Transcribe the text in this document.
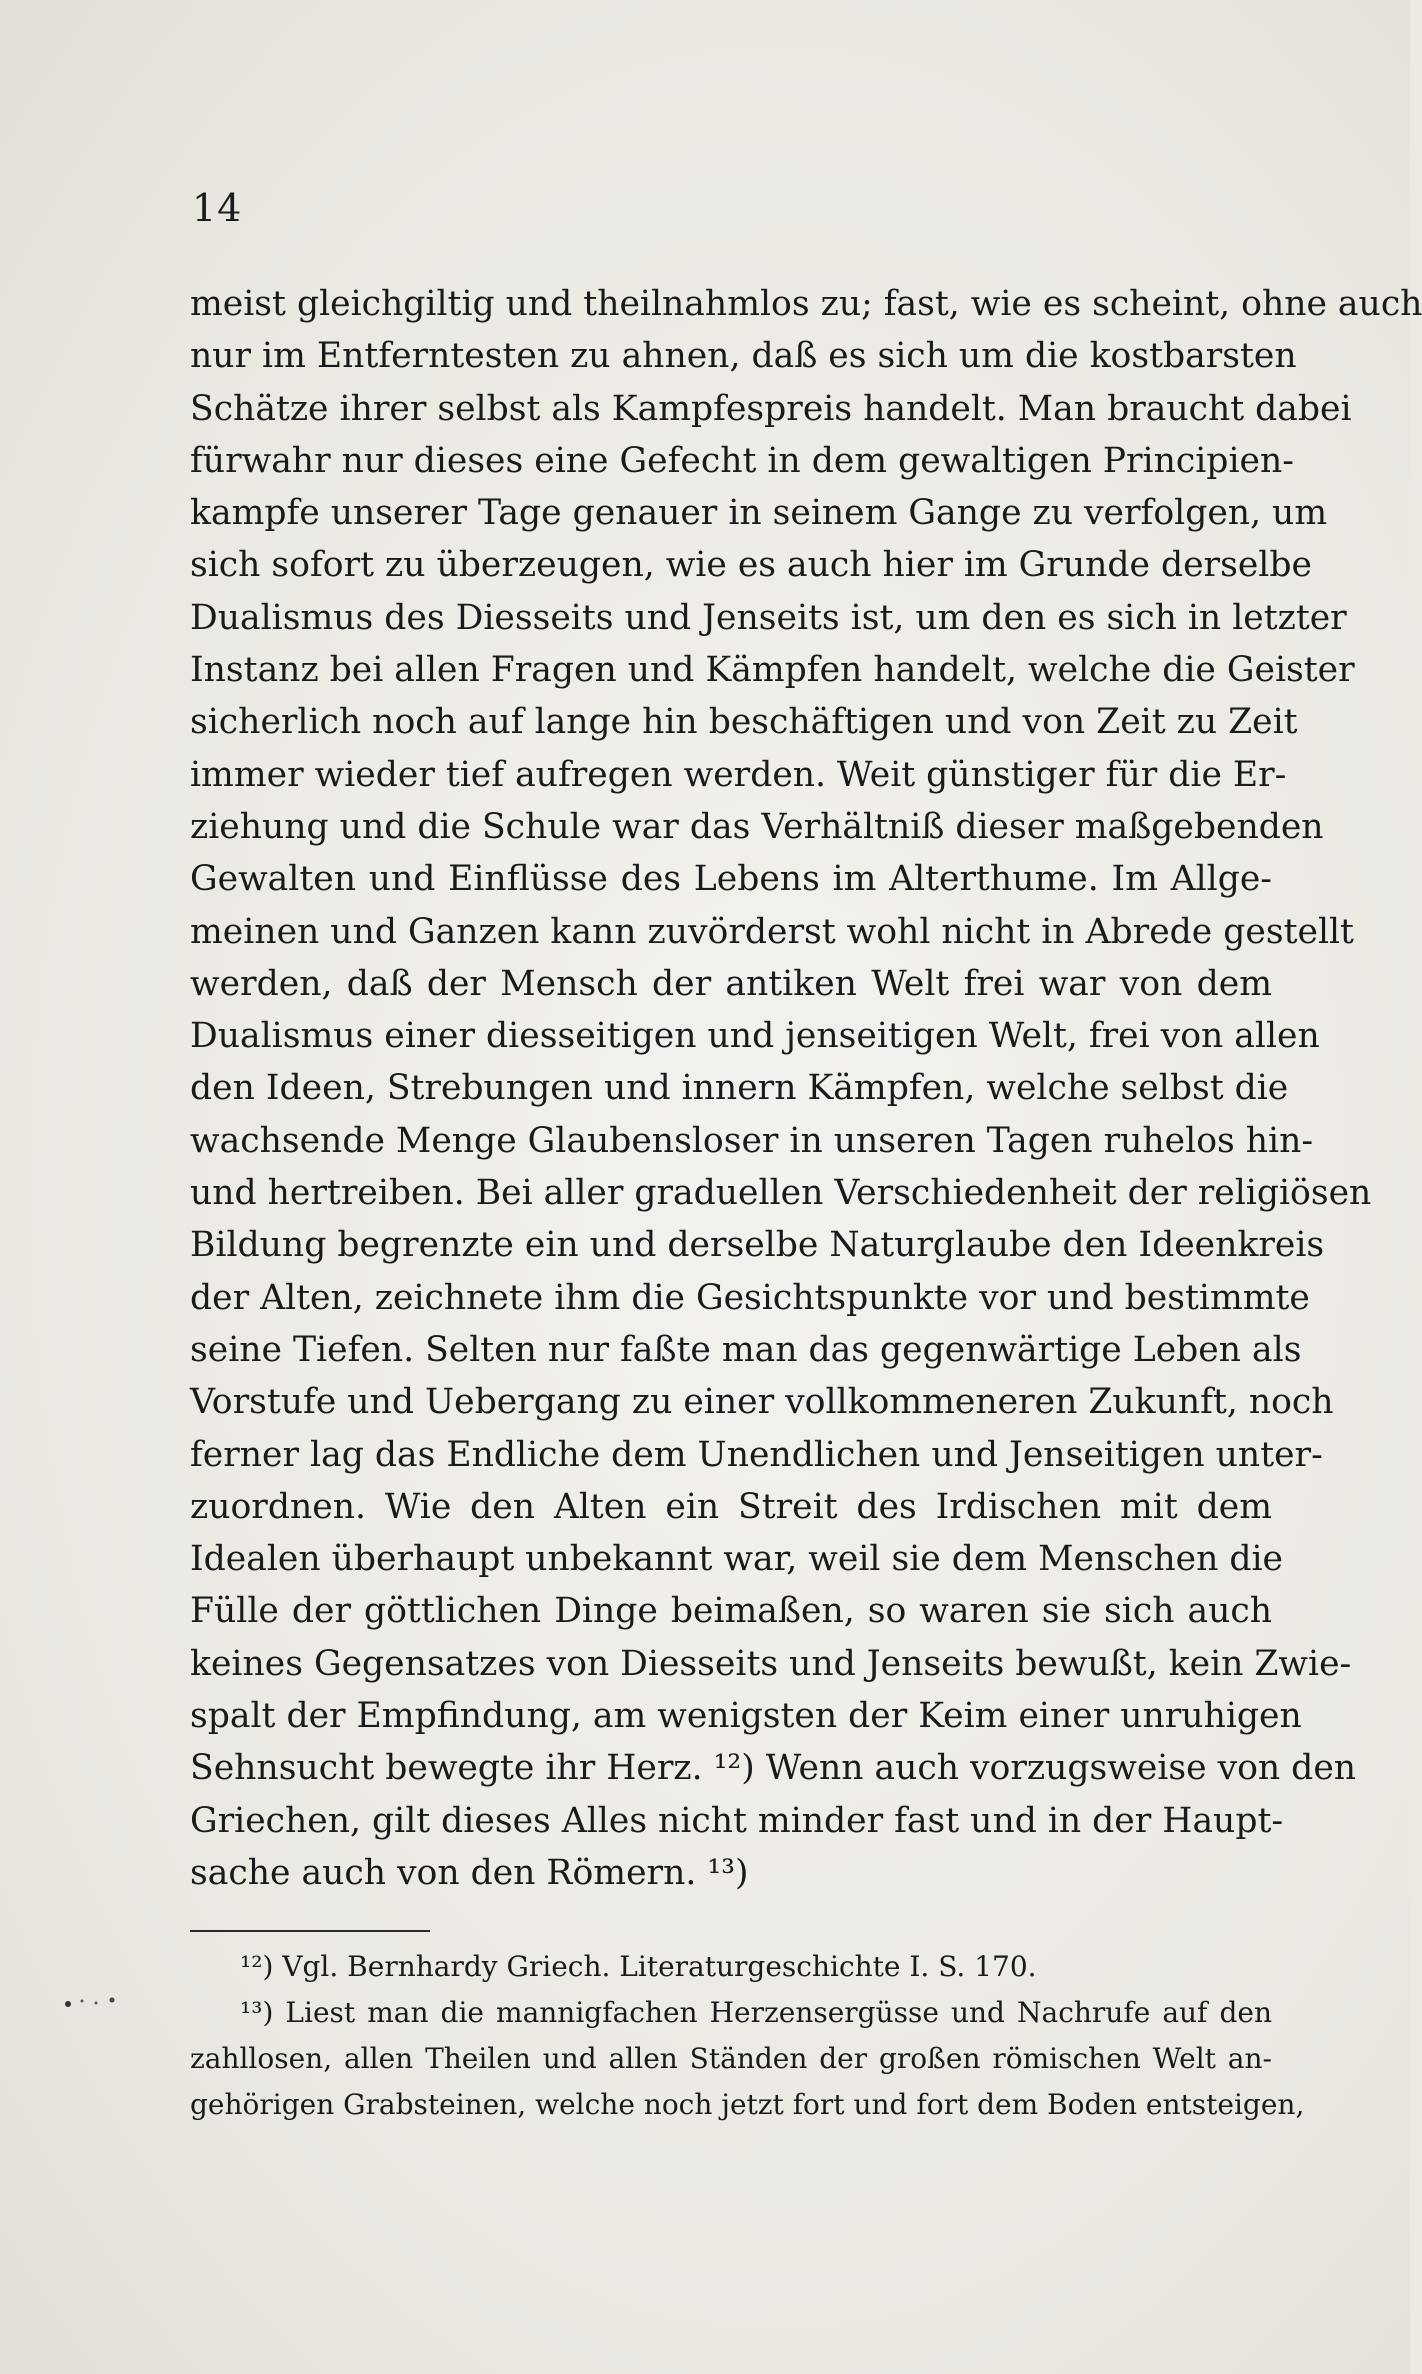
14
meist gleichgiltig und theilnahmlos zu; fast, wie es scheint, ohne auch
nur im Entferntesten zu ahnen, daß es sich um die kostbarsten
Schätze ihrer selbst als Kampfespreis handelt. Man braucht dabei
fürwahr nur dieses eine Gefecht in dem gewaltigen Principien-
kampfe unserer Tage genauer in seinem Gange zu verfolgen, um
sich sofort zu überzeugen, wie es auch hier im Grunde derselbe
Dualismus des Diesseits und Jenseits ist, um den es sich in letzter
Instanz bei allen Fragen und Kämpfen handelt, welche die Geister
sicherlich noch auf lange hin beschäftigen und von Zeit zu Zeit
immer wieder tief aufregen werden. Weit günstiger für die Er-
ziehung und die Schule war das Verhältniß dieser maßgebenden
Gewalten und Einflüsse des Lebens im Alterthume. Im Allge-
meinen und Ganzen kann zuvörderst wohl nicht in Abrede gestellt
werden, daß der Mensch der antiken Welt frei war von dem
Dualismus einer diesseitigen und jenseitigen Welt, frei von allen
den Ideen, Strebungen und innern Kämpfen, welche selbst die
wachsende Menge Glaubensloser in unseren Tagen ruhelos hin-
und hertreiben. Bei aller graduellen Verschiedenheit der religiösen
Bildung begrenzte ein und derselbe Naturglaube den Ideenkreis
der Alten, zeichnete ihm die Gesichtspunkte vor und bestimmte
seine Tiefen. Selten nur faßte man das gegenwärtige Leben als
Vorstufe und Uebergang zu einer vollkommeneren Zukunft, noch
ferner lag das Endliche dem Unendlichen und Jenseitigen unter-
zuordnen. Wie den Alten ein Streit des Irdischen mit dem
Idealen überhaupt unbekannt war, weil sie dem Menschen die
Fülle der göttlichen Dinge beimaßen, so waren sie sich auch
keines Gegensatzes von Diesseits und Jenseits bewußt, kein Zwie-
spalt der Empfindung, am wenigsten der Keim einer unruhigen
Sehnsucht bewegte ihr Herz. ¹²) Wenn auch vorzugsweise von den
Griechen, gilt dieses Alles nicht minder fast und in der Haupt-
sache auch von den Römern. ¹³)
¹²) Vgl. Bernhardy Griech. Literaturgeschichte I. S. 170.
¹³) Liest man die mannigfachen Herzensergüsse und Nachrufe auf den
zahllosen, allen Theilen und allen Ständen der großen römischen Welt an-
gehörigen Grabsteinen, welche noch jetzt fort und fort dem Boden entsteigen,
